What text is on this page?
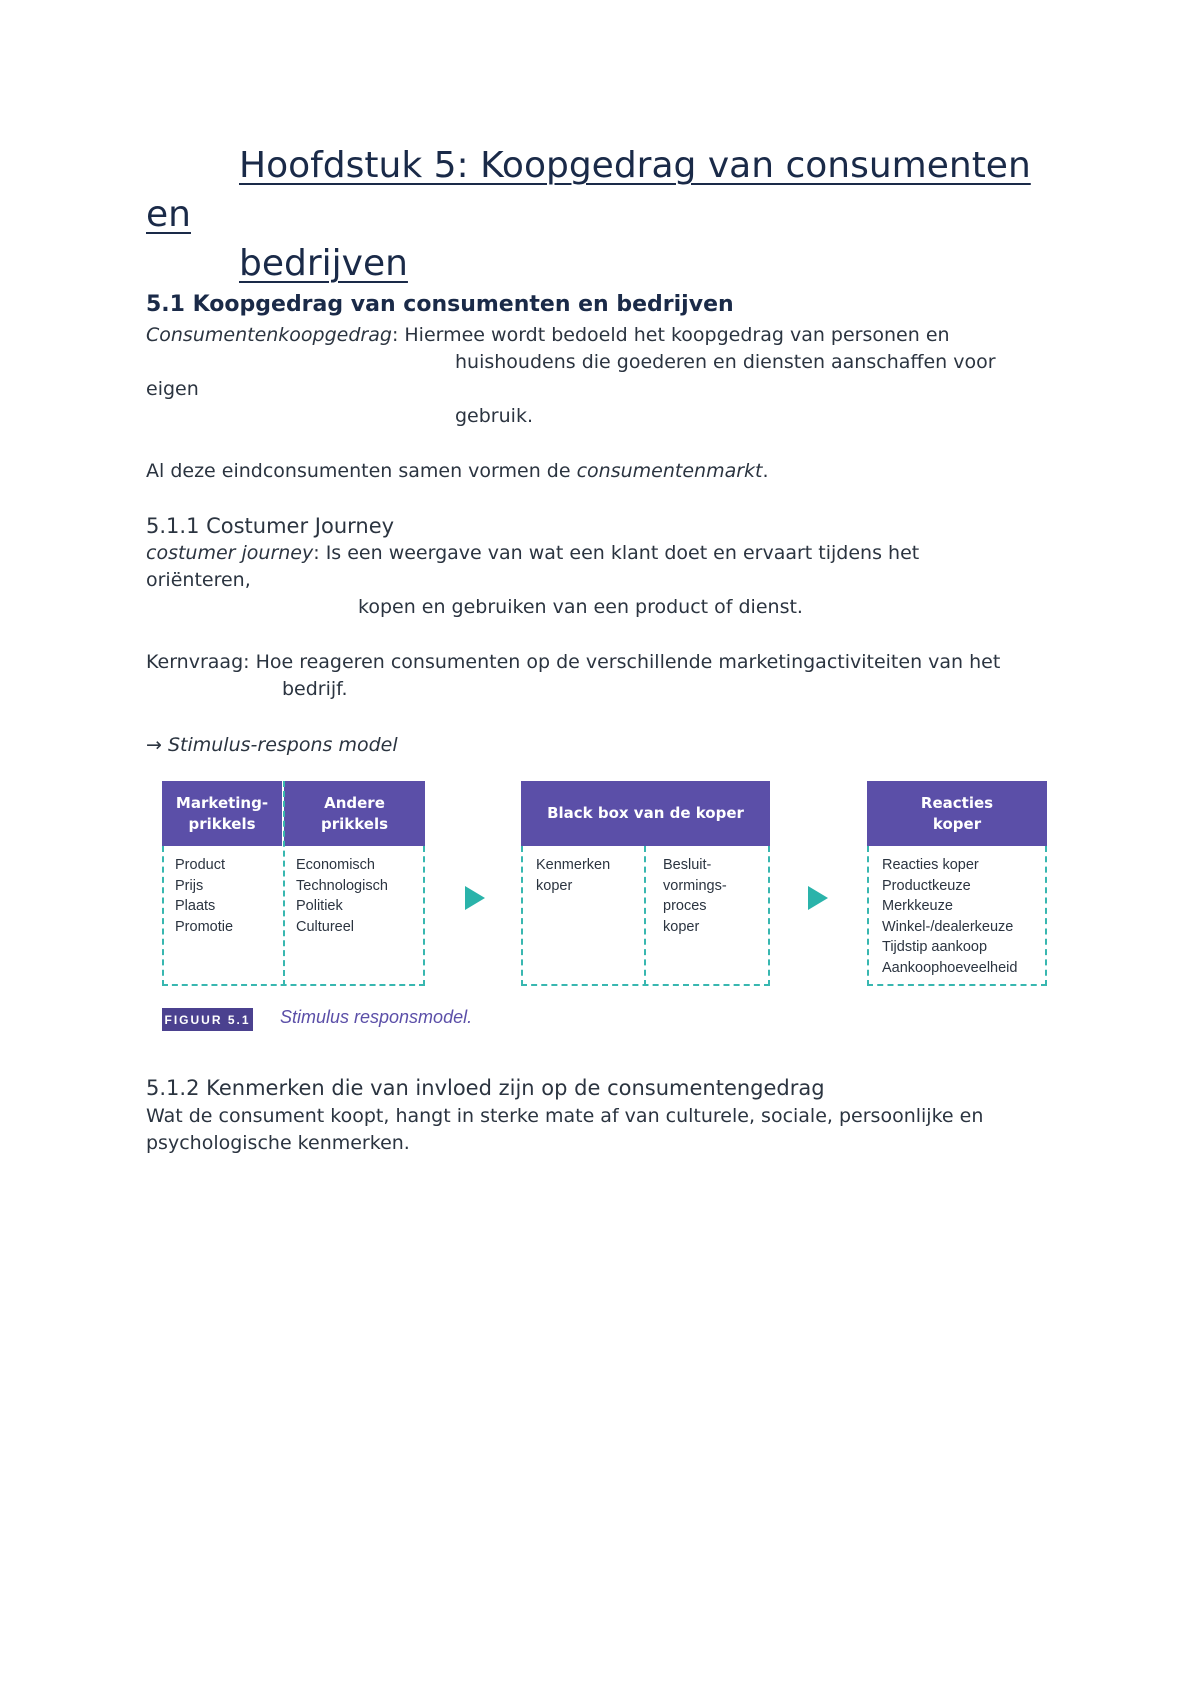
Hoofdstuk 5: Koopgedrag van consumenten
en
bedrijven
5.1 Koopgedrag van consumenten en bedrijven
Consumentenkoopgedrag: Hiermee wordt bedoeld het koopgedrag van personen en
huishoudens die goederen en diensten aanschaffen voor
eigen
gebruik.
Al deze eindconsumenten samen vormen de consumentenmarkt.
5.1.1 Costumer Journey
costumer journey: Is een weergave van wat een klant doet en ervaart tijdens het
oriënteren,
kopen en gebruiken van een product of dienst.
Kernvraag: Hoe reageren consumenten op de verschillende marketingactiviteiten van het
bedrijf.
→ Stimulus-respons model
Marketing-
prikkels
Andere
prikkels
Product
Prijs
Plaats
Promotie
Economisch
Technologisch
Politiek
Cultureel
Black box van de koper
Kenmerken
koper
Besluit-
vormings-
proces
koper
Reacties
koper
Reacties koper
Productkeuze
Merkkeuze
Winkel-/dealerkeuze
Tijdstip aankoop
Aankoophoeveelheid
FIGUUR 5.1 Stimulus responsmodel.
5.1.2 Kenmerken die van invloed zijn op de consumentengedrag
Wat de consument koopt, hangt in sterke mate af van culturele, sociale, persoonlijke en
psychologische kenmerken.
